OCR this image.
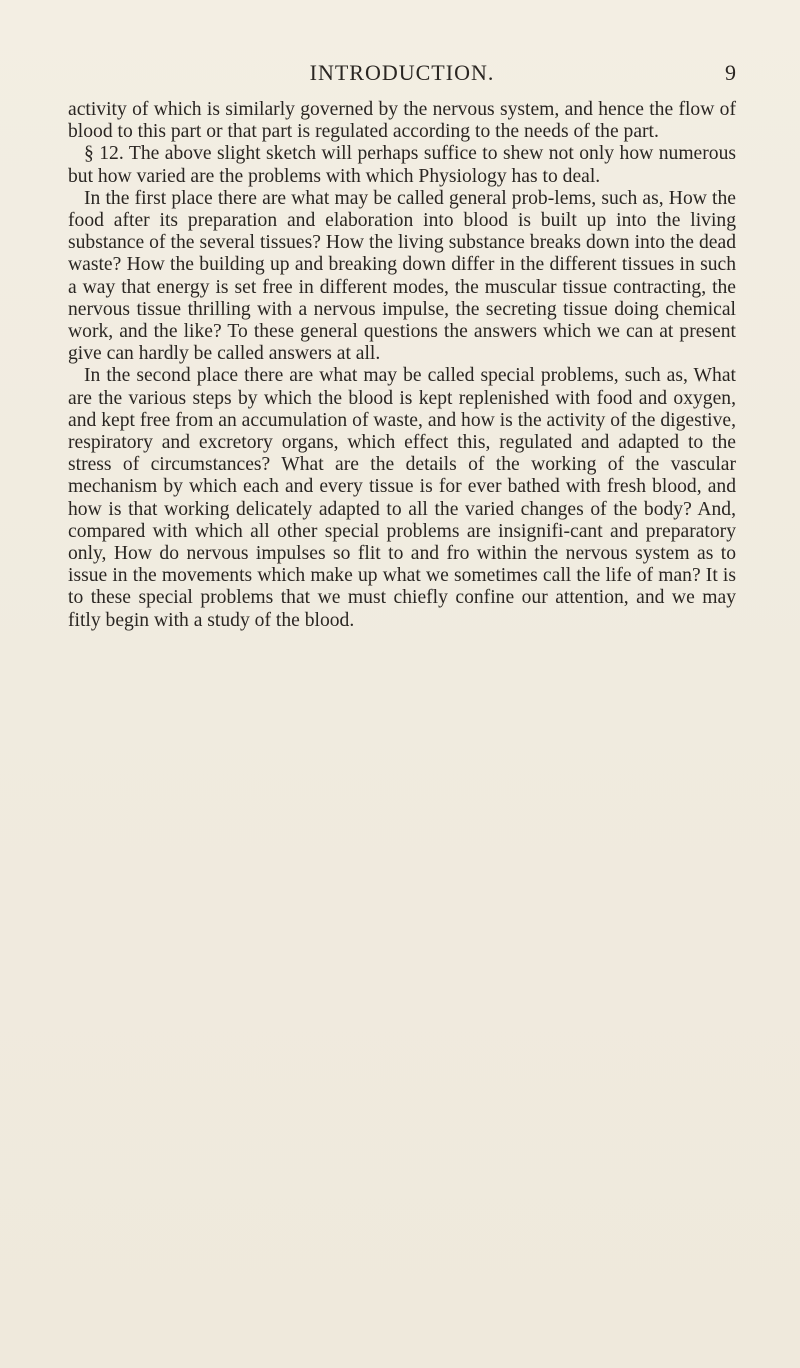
INTRODUCTION.	9

activity of which is similarly governed by the nervous system, and hence the flow of blood to this part or that part is regulated according to the needs of the part.

§ 12. The above slight sketch will perhaps suffice to shew not only how numerous but how varied are the problems with which Physiology has to deal.

In the first place there are what may be called general prob-lems, such as, How the food after its preparation and elaboration into blood is built up into the living substance of the several tissues? How the living substance breaks down into the dead waste? How the building up and breaking down differ in the different tissues in such a way that energy is set free in different modes, the muscular tissue contracting, the nervous tissue thrilling with a nervous impulse, the secreting tissue doing chemical work, and the like? To these general questions the answers which we can at present give can hardly be called answers at all.

In the second place there are what may be called special problems, such as, What are the various steps by which the blood is kept replenished with food and oxygen, and kept free from an accumulation of waste, and how is the activity of the digestive, respiratory and excretory organs, which effect this, regulated and adapted to the stress of circumstances? What are the details of the working of the vascular mechanism by which each and every tissue is for ever bathed with fresh blood, and how is that working delicately adapted to all the varied changes of the body? And, compared with which all other special problems are insignifi-cant and preparatory only, How do nervous impulses so flit to and fro within the nervous system as to issue in the movements which make up what we sometimes call the life of man? It is to these special problems that we must chiefly confine our attention, and we may fitly begin with a study of the blood.
